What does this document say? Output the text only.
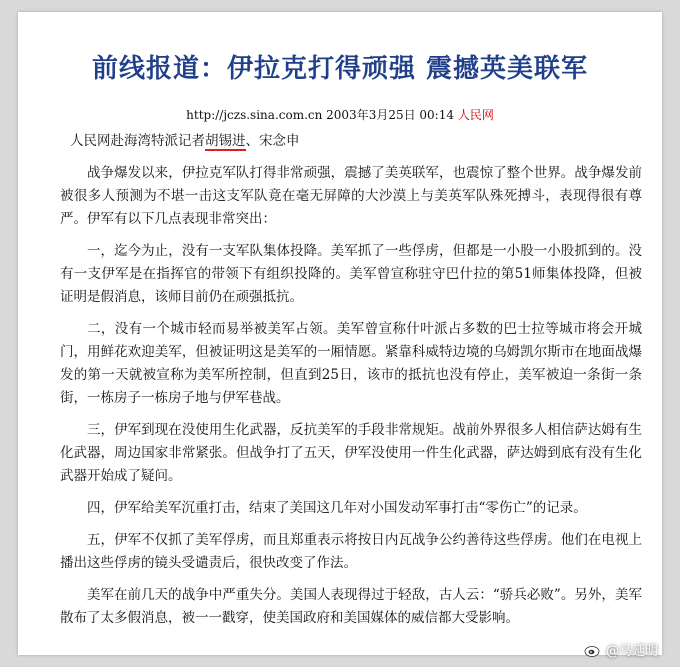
前线报道：伊拉克打得顽强 震撼英美联军
http://jczs.sina.com.cn 2003年3月25日 00:14 人民网
人民网赴海湾特派记者胡锡进、宋念申

战争爆发以来，伊拉克军队打得非常顽强，震撼了美英联军，也震惊了整个世界。战争爆发前被很多人预测为不堪一击这支军队竟在毫无屏障的大沙漠上与美英军队殊死搏斗，表现得很有尊严。伊军有以下几点表现非常突出：

一，迄今为止，没有一支军队集体投降。美军抓了一些俘虏，但都是一小股一小股抓到的。没有一支伊军是在指挥官的带领下有组织投降的。美军曾宣称驻守巴什拉的第51师集体投降，但被证明是假消息，该师目前仍在顽强抵抗。

二，没有一个城市轻而易举被美军占领。美军曾宣称什叶派占多数的巴士拉等城市将会开城门，用鲜花欢迎美军，但被证明这是美军的一厢情愿。紧靠科威特边境的乌姆凯尔斯市在地面战爆发的第一天就被宣称为美军所控制，但直到25日，该市的抵抗也没有停止，美军被迫一条街一条街，一栋房子一栋房子地与伊军巷战。

三，伊军到现在没使用生化武器，反抗美军的手段非常规矩。战前外界很多人相信萨达姆有生化武器，周边国家非常紧张。但战争打了五天，伊军没使用一件生化武器，萨达姆到底有没有生化武器开始成了疑问。

四，伊军给美军沉重打击，结束了美国这几年对小国发动军事打击“零伤亡”的记录。

五，伊军不仅抓了美军俘虏，而且郑重表示将按日内瓦战争公约善待这些俘虏。他们在电视上播出这些俘虏的镜头受谴责后，很快改变了作法。

美军在前几天的战争中严重失分。美国人表现得过于轻敌，古人云：“骄兵必败”。另外，美军散布了太多假消息，被一一戳穿，使美国政府和美国媒体的威信都大受影响。

@马延明
